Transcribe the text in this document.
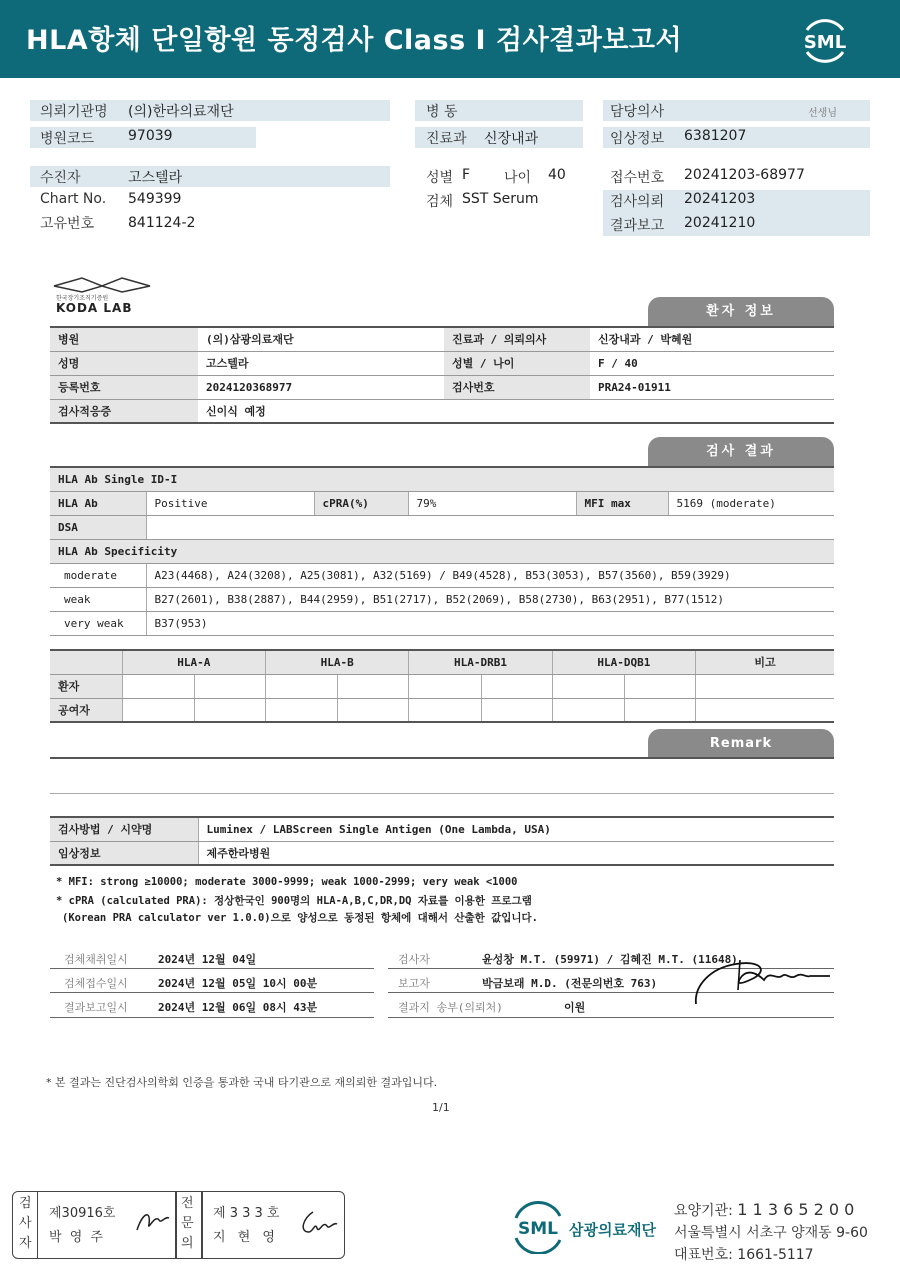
HLA항체 단일항원 동정검사 Class I 검사결과보고서	SML
의뢰기관명 (의)한라의료재단
병원코드 97039
병 동
진료과 신장내과
담당의사	선생님
임상정보 6381207
수진자	고스텔라
Chart No. 549399
고유번호 841124-2
성별 F 나이 40
검체 SST Serum
접수번호 20241203-68977
검사의뢰 20241203
결과보고 20241210
한국장기조직기증원
KODA LAB	환자 정보
병원	(의)삼광의료재단	진료과 / 의뢰의사	신장내과 / 박혜원
성명	고스텔라	성별 / 나이	F / 40
등록번호	2024120368977	검사번호	PRA24-01911
검사적응증	신이식 예정		
검사 결과
HLA Ab Single ID-I					
HLA Ab	Positive	cPRA(%)	79%	MFI max	5169 (moderate)
DSA					
HLA Ab Specificity					
moderate	A23(4468), A24(3208), A25(3081), A32(5169) / B49(4528), B53(3053), B57(3560), B59(3929)				
weak	B27(2601), B38(2887), B44(2959), B51(2717), B52(2069), B58(2730), B63(2951), B77(1512)				
very weak	B37(953)				
	HLA-A		HLA-B		HLA-DRB1		HLA-DQB1		비고
환자									
공여자									
Remark
검사방법 / 시약명	Luminex / LABScreen Single Antigen (One Lambda, USA)
임상정보	제주한라병원
* MFI: strong ≥10000; moderate 3000-9999; weak 1000-2999; very weak <1000
* cPRA (calculated PRA): 정상한국인 900명의 HLA-A,B,C,DR,DQ 자료를 이용한 프로그램
(Korean PRA calculator ver 1.0.0)으로 양성으로 동정된 항체에 대해서 산출한 값입니다.
검체채취일시	2024년 12월 04일
검체접수일시	2024년 12월 05일 10시 00분
결과보고일시	2024년 12월 06일 08시 43분
검사자	윤성창 M.T. (59971) / 김혜진 M.T. (11648)
보고자	박금보래 M.D. (전문의번호 763)
결과지 송부(의뢰처)	이원
* 본 결과는 진단검사의학회 인증을 통과한 국내 타기관으로 재의뢰한 결과입니다.
1/1
검
사
자
제30916호
박 영 주
전
문
의
제 3 3 3 호
지 현 영	SML 삼광의료재단
요양기관: 1 1 3 6 5 2 0 0
서울특별시 서초구 양재동 9-60
대표번호: 1661-5117
